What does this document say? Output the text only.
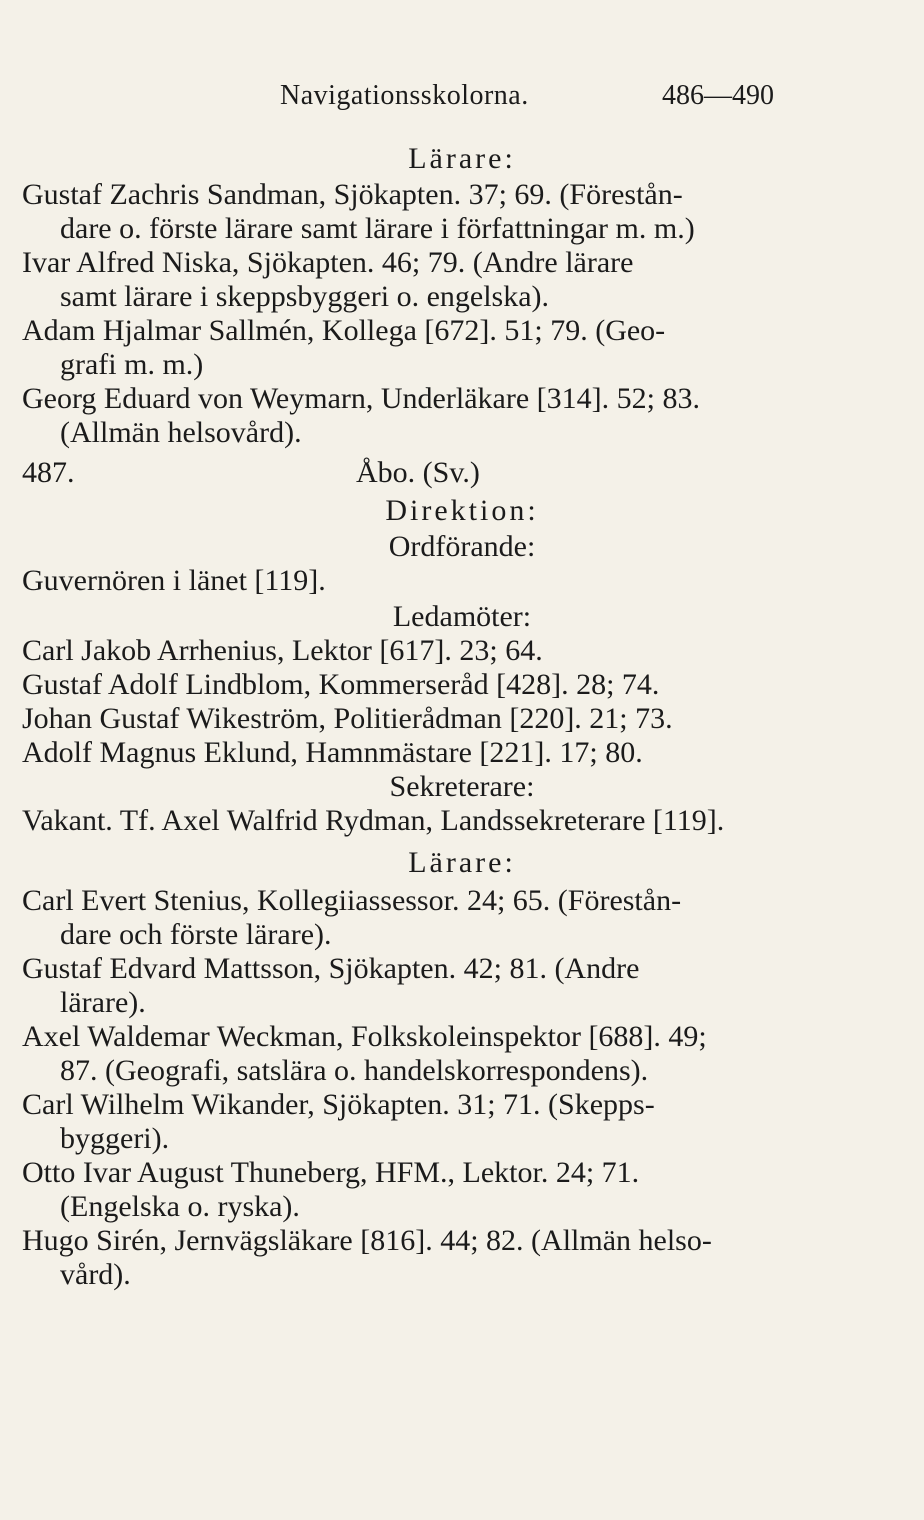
Navigationsskolorna.	486—490
Lärare:
Gustaf Zachris Sandman, Sjökapten. 37; 69. (Förestån-
dare o. förste lärare samt lärare i författningar m. m.)
Ivar Alfred Niska, Sjökapten. 46; 79. (Andre lärare
samt lärare i skeppsbyggeri o. engelska).
Adam Hjalmar Sallmén, Kollega [672]. 51; 79. (Geo-
grafi m. m.)
Georg Eduard von Weymarn, Underläkare [314]. 52; 83.
(Allmän helsovård).
487.	Åbo. (Sv.)
Direktion:
Ordförande:
Guvernören i länet [119].
Ledamöter:
Carl Jakob Arrhenius, Lektor [617]. 23; 64.
Gustaf Adolf Lindblom, Kommerseråd [428]. 28; 74.
Johan Gustaf Wikeström, Politierådman [220]. 21; 73.
Adolf Magnus Eklund, Hamnmästare [221]. 17; 80.
Sekreterare:
Vakant. Tf. Axel Walfrid Rydman, Landssekreterare [119].
Lärare:
Carl Evert Stenius, Kollegiiassessor. 24; 65. (Förestån-
dare och förste lärare).
Gustaf Edvard Mattsson, Sjökapten. 42; 81. (Andre
lärare).
Axel Waldemar Weckman, Folkskoleinspektor [688]. 49;
87. (Geografi, satslära o. handelskorrespondens).
Carl Wilhelm Wikander, Sjökapten. 31; 71. (Skepps-
byggeri).
Otto Ivar August Thuneberg, HFM., Lektor. 24; 71.
(Engelska o. ryska).
Hugo Sirén, Jernvägsläkare [816]. 44; 82. (Allmän helso-
vård).
